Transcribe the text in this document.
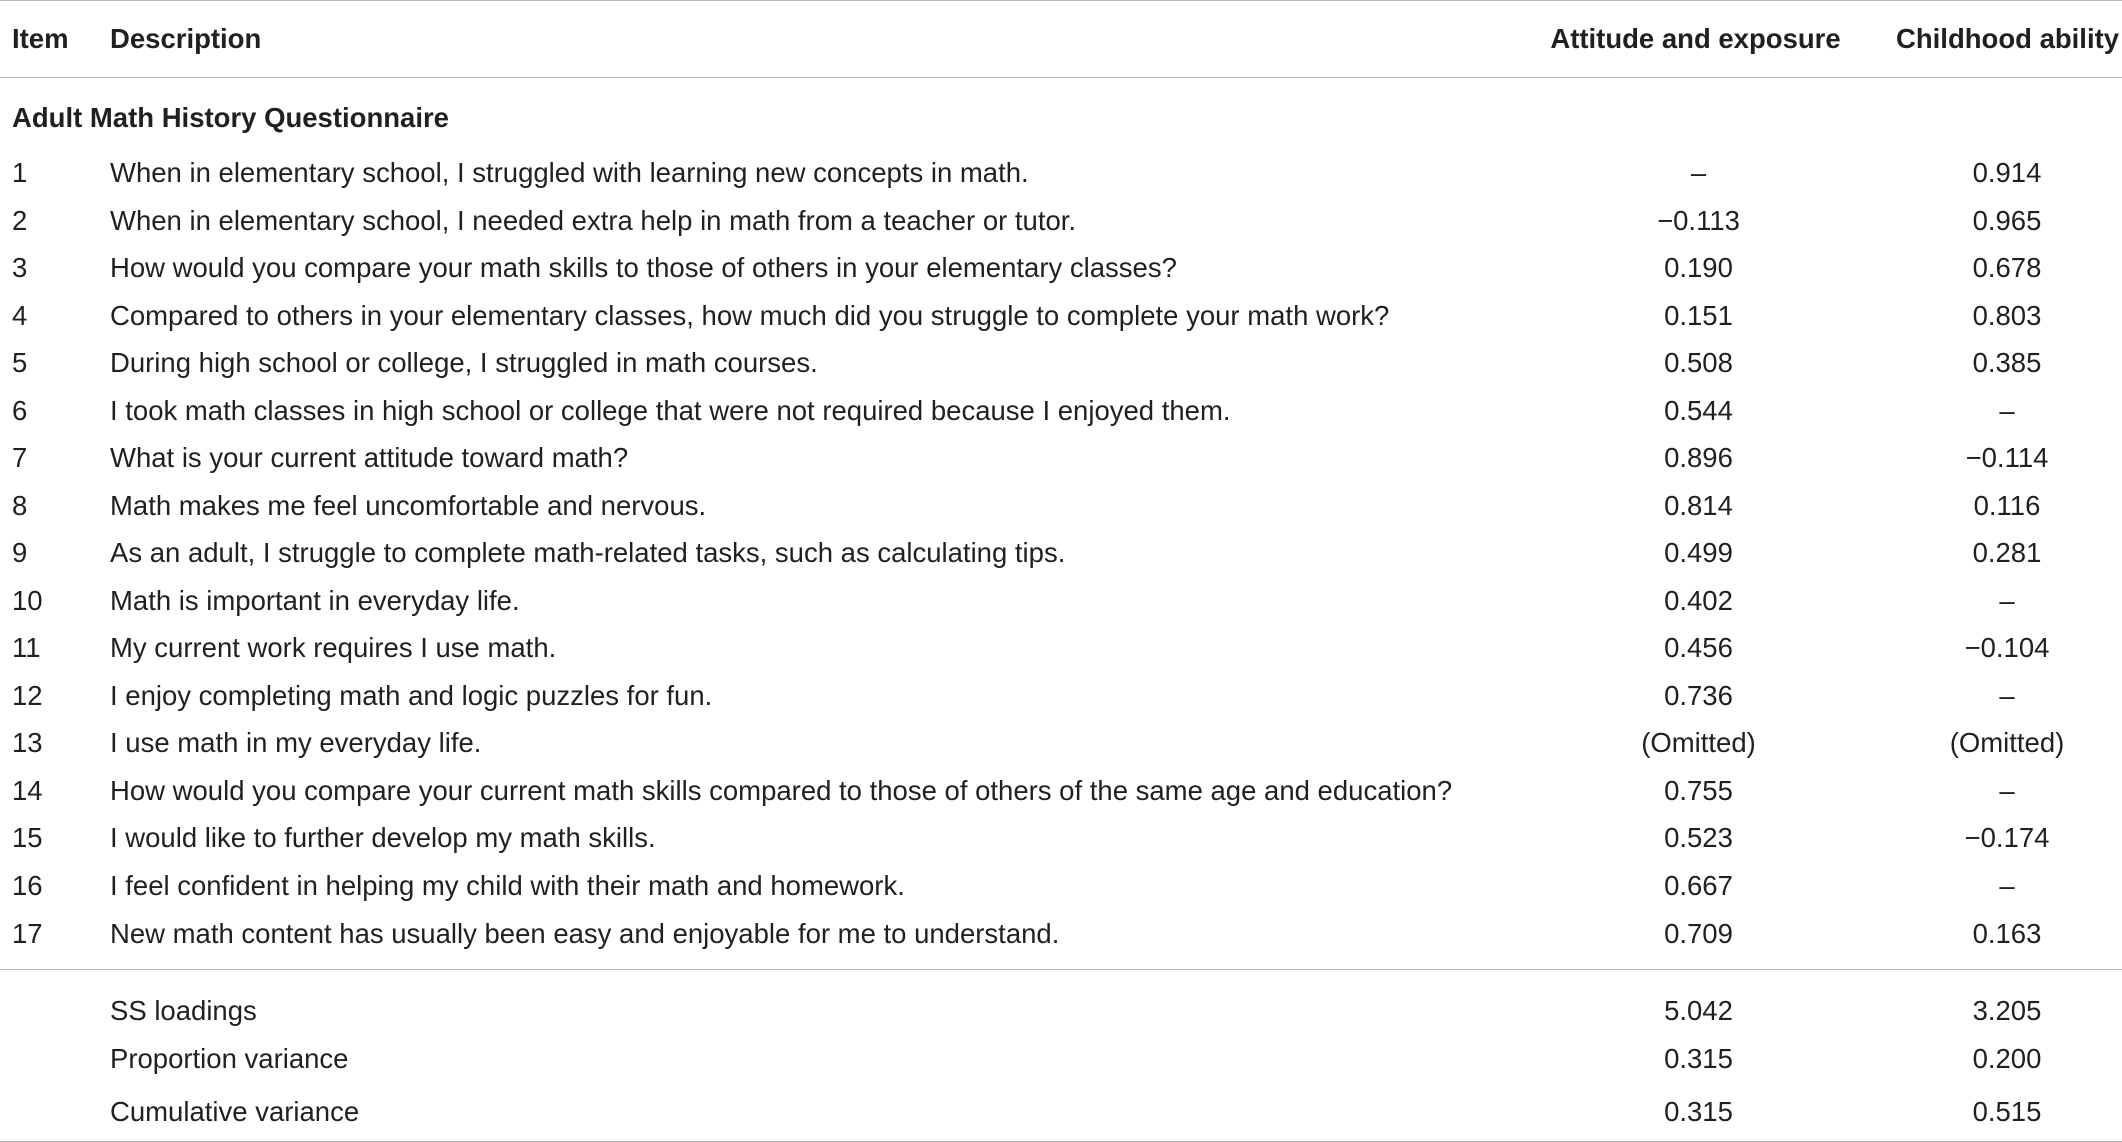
Item	Description	Attitude and exposure	Childhood ability
Adult Math History Questionnaire			
1	When in elementary school, I struggled with learning new concepts in math.	–	0.914
2	When in elementary school, I needed extra help in math from a teacher or tutor.	−0.113	0.965
3	How would you compare your math skills to those of others in your elementary classes?	0.190	0.678
4	Compared to others in your elementary classes, how much did you struggle to complete your math work?	0.151	0.803
5	During high school or college, I struggled in math courses.	0.508	0.385
6	I took math classes in high school or college that were not required because I enjoyed them.	0.544	–
7	What is your current attitude toward math?	0.896	−0.114
8	Math makes me feel uncomfortable and nervous.	0.814	0.116
9	As an adult, I struggle to complete math-related tasks, such as calculating tips.	0.499	0.281
10	Math is important in everyday life.	0.402	–
11	My current work requires I use math.	0.456	−0.104
12	I enjoy completing math and logic puzzles for fun.	0.736	–
13	I use math in my everyday life.	(Omitted)	(Omitted)
14	How would you compare your current math skills compared to those of others of the same age and education?	0.755	–
15	I would like to further develop my math skills.	0.523	−0.174
16	I feel confident in helping my child with their math and homework.	0.667	–
17	New math content has usually been easy and enjoyable for me to understand.	0.709	0.163
	SS loadings	5.042	3.205
	Proportion variance	0.315	0.200
	Cumulative variance	0.315	0.515
